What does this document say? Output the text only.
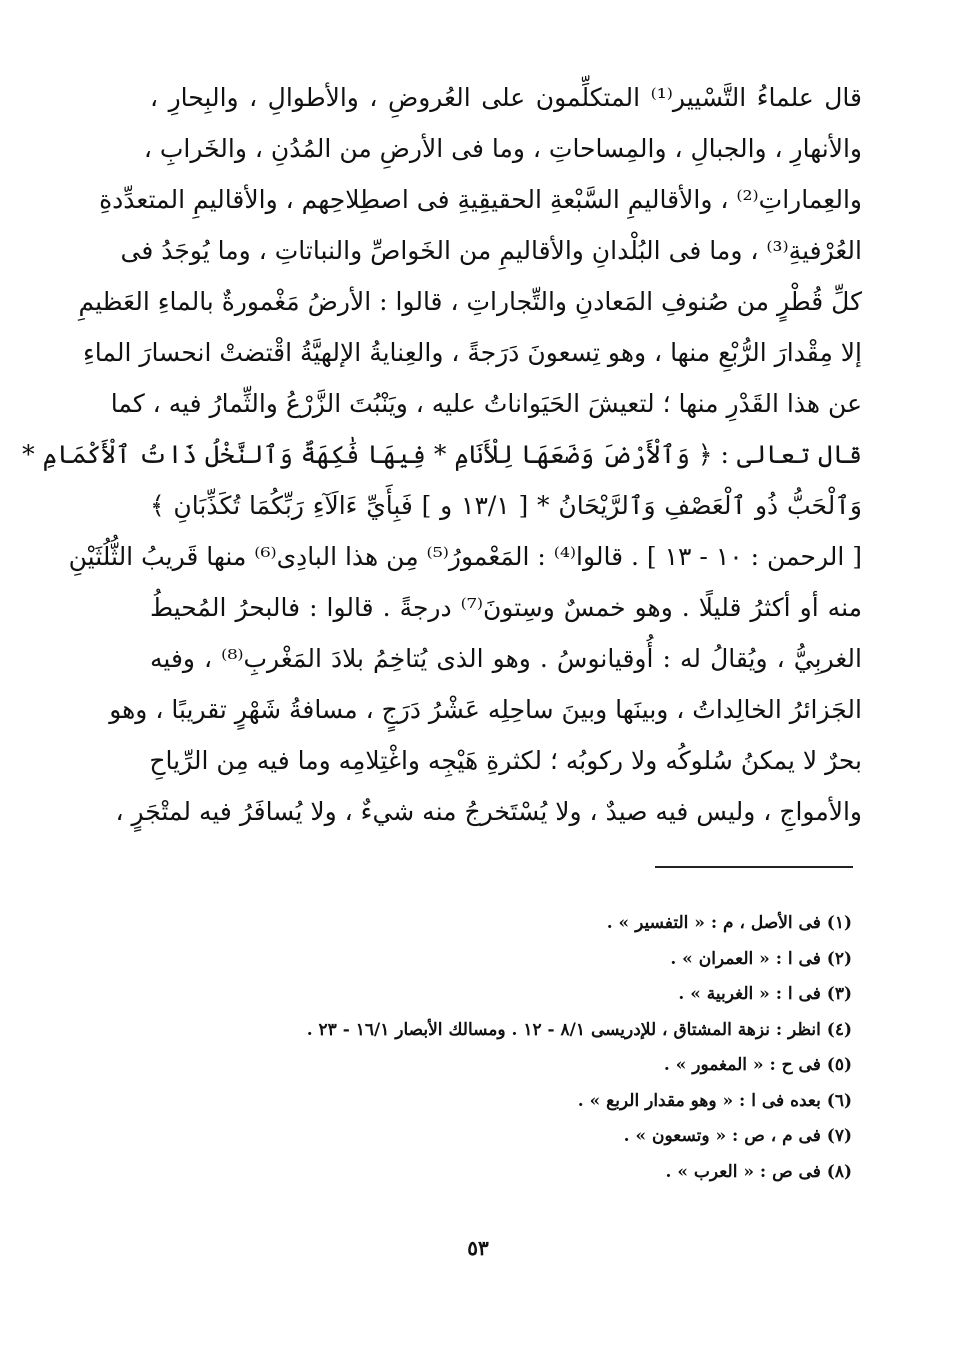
قال علماءُ التَّسْيير⁽¹⁾ المتكلِّمون على العُروضِ ، والأطوالِ ، والبِحارِ ،
والأنهارِ ، والجبالِ ، والمِساحاتِ ، وما فى الأرضِ من المُدُنِ ، والخَرابِ ،
والعِماراتِ⁽²⁾ ، والأقاليمِ السَّبْعةِ الحقيقِيةِ فى اصطِلاحِهم ، والأقاليمِ المتعدِّدةِ
العُرْفيةِ⁽³⁾ ، وما فى البُلْدانِ والأقاليمِ من الخَواصِّ والنباتاتِ ، وما يُوجَدُ فى
كلِّ قُطْرٍ من صُنوفِ المَعادنِ والتِّجاراتِ ، قالوا : الأرضُ مَغْمورةٌ بالماءِ العَظيمِ
إلا مِقْدارَ الرُّبْعِ منها ، وهو تِسعونَ دَرَجةً ، والعِنايةُ الإلهيَّةُ اقْتضتْ انحسارَ الماءِ
عن هذا القَدْرِ منها ؛ لتعيشَ الحَيَواناتُ عليه ، ويَنْبُتَ الزَّرْعُ والثِّمارُ فيه ، كما
قال تعالى : ﴿ وَٱلْأَرْضَ وَضَعَهَا لِلْأَنَامِ * فِيهَا فَٰكِهَةٌ وَٱلنَّخْلُ ذَاتُ ٱلْأَكْمَامِ *
وَٱلْحَبُّ ذُو ٱلْعَصْفِ وَٱلرَّيْحَانُ * [ ١٣/١ و ] فَبِأَيِّ ءَالَآءِ رَبِّكُمَا تُكَذِّبَانِ ﴾
[ الرحمن : ١٠ - ١٣ ] . قالوا⁽⁴⁾ : المَعْمورُ⁽⁵⁾ مِن هذا البادِى⁽⁶⁾ منها قَريبُ الثُّلُثَيْنِ
منه أو أكثرُ قليلًا . وهو خمسٌ وسِتونَ⁽⁷⁾ درجةً . قالوا : فالبحرُ المُحيطُ
الغربِيُّ ، ويُقالُ له : أُوقيانوسُ . وهو الذى يُتاخِمُ بلادَ المَغْربِ⁽⁸⁾ ، وفيه
الجَزائرُ الخالِداتُ ، وبينَها وبينَ ساحِلِه عَشْرُ دَرَجٍ ، مسافةُ شَهْرٍ تقريبًا ، وهو
بحرٌ لا يمكنُ سُلوكُه ولا ركوبُه ؛ لكثرةِ هَيْجِه واغْتِلامِه وما فيه مِن الرِّياحِ
والأمواجِ ، وليس فيه صيدٌ ، ولا يُسْتَخرجُ منه شيءٌ ، ولا يُسافَرُ فيه لمتْجَرٍ ،
(١) فى الأصل ، م : « التفسير » .
(٢) فى ا : « العمران » .
(٣) فى ا : « الغربية » .
(٤) انظر : نزهة المشتاق ، للإدريسى ٨/١ - ١٢ . ومسالك الأبصار ١٦/١ - ٢٣ .
(٥) فى ح : « المغمور » .
(٦) بعده فى ا : « وهو مقدار الربع » .
(٧) فى م ، ص : « وتسعون » .
(٨) فى ص : « العرب » .
٥٣
